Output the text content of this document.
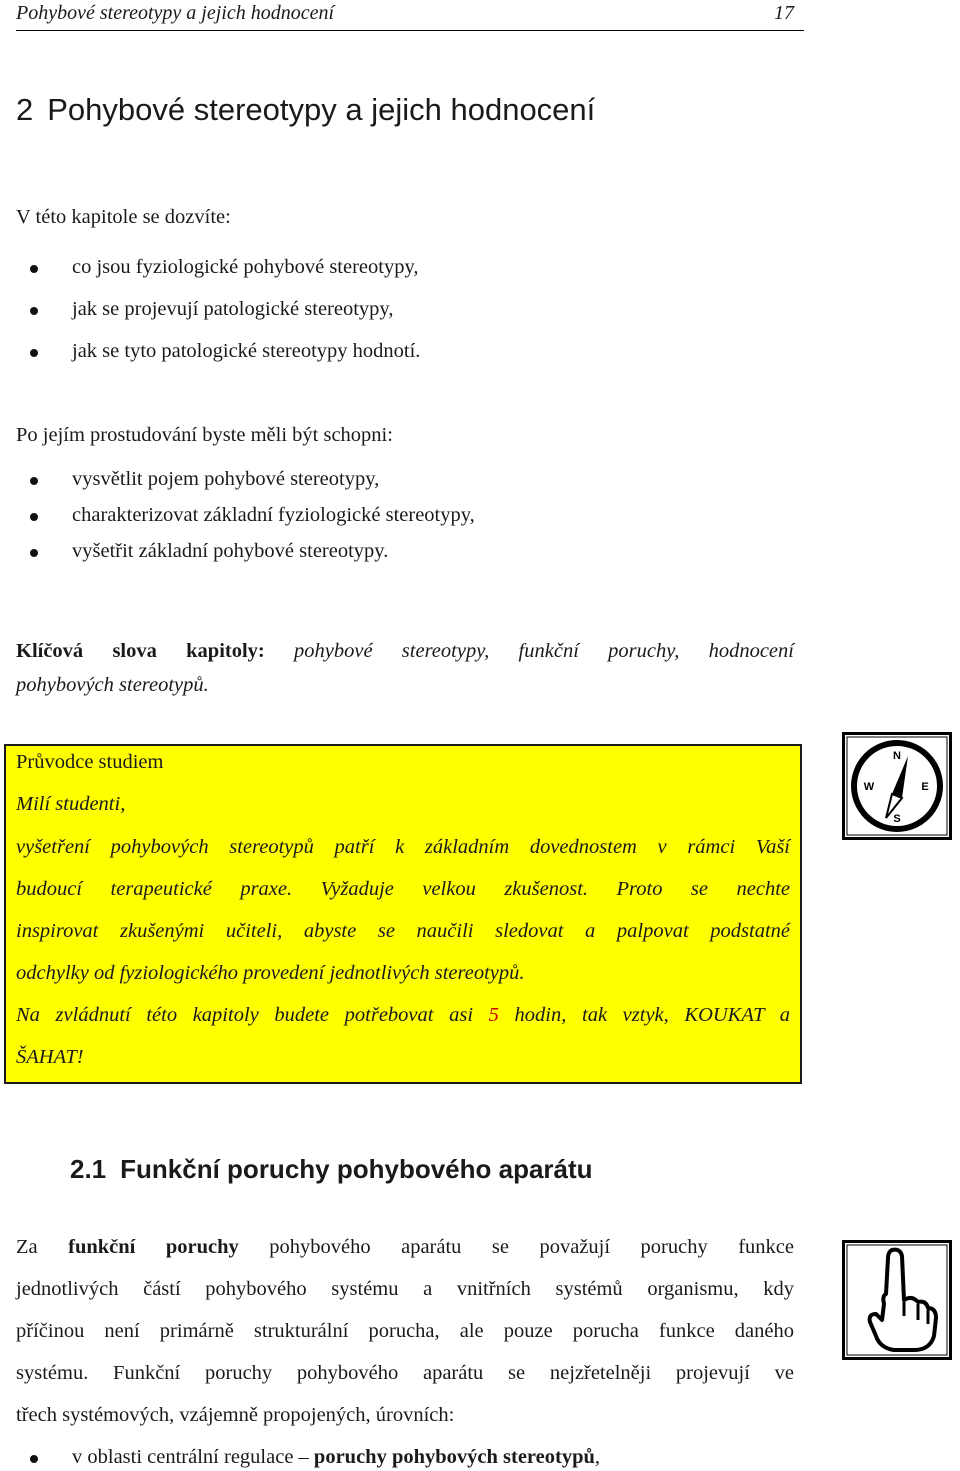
Pohybové stereotypy a jejich hodnocení	17
2 Pohybové stereotypy a jejich hodnocení
V této kapitole se dozvíte:
co jsou fyziologické pohybové stereotypy,
jak se projevují patologické stereotypy,
jak se tyto patologické stereotypy hodnotí.
Po jejím prostudování byste měli být schopni:
vysvětlit pojem pohybové stereotypy,
charakterizovat základní fyziologické stereotypy,
vyšetřit základní pohybové stereotypy.
Klíčová slova kapitoly: pohybové stereotypy, funkční poruchy, hodnocení
pohybových stereotypů.
Průvodce studiem
Milí studenti,
vyšetření pohybových stereotypů patří k základním dovednostem v rámci Vaší
budoucí terapeutické praxe. Vyžaduje velkou zkušenost. Proto se nechte
inspirovat zkušenými učiteli, abyste se naučili sledovat a palpovat podstatné
odchylky od fyziologického provedení jednotlivých stereotypů.
Na zvládnutí této kapitoly budete potřebovat asi 5 hodin, tak vztyk, KOUKAT a
ŠAHAT!
N
W	E
S
2.1 Funkční poruchy pohybového aparátu
Za funkční poruchy pohybového aparátu se považují poruchy funkce
jednotlivých částí pohybového systému a vnitřních systémů organismu, kdy
příčinou není primárně strukturální porucha, ale pouze porucha funkce daného
systému. Funkční poruchy pohybového aparátu se nejzřetelněji projevují ve
třech systémových, vzájemně propojených, úrovních:
v oblasti centrální regulace – poruchy pohybových stereotypů,
